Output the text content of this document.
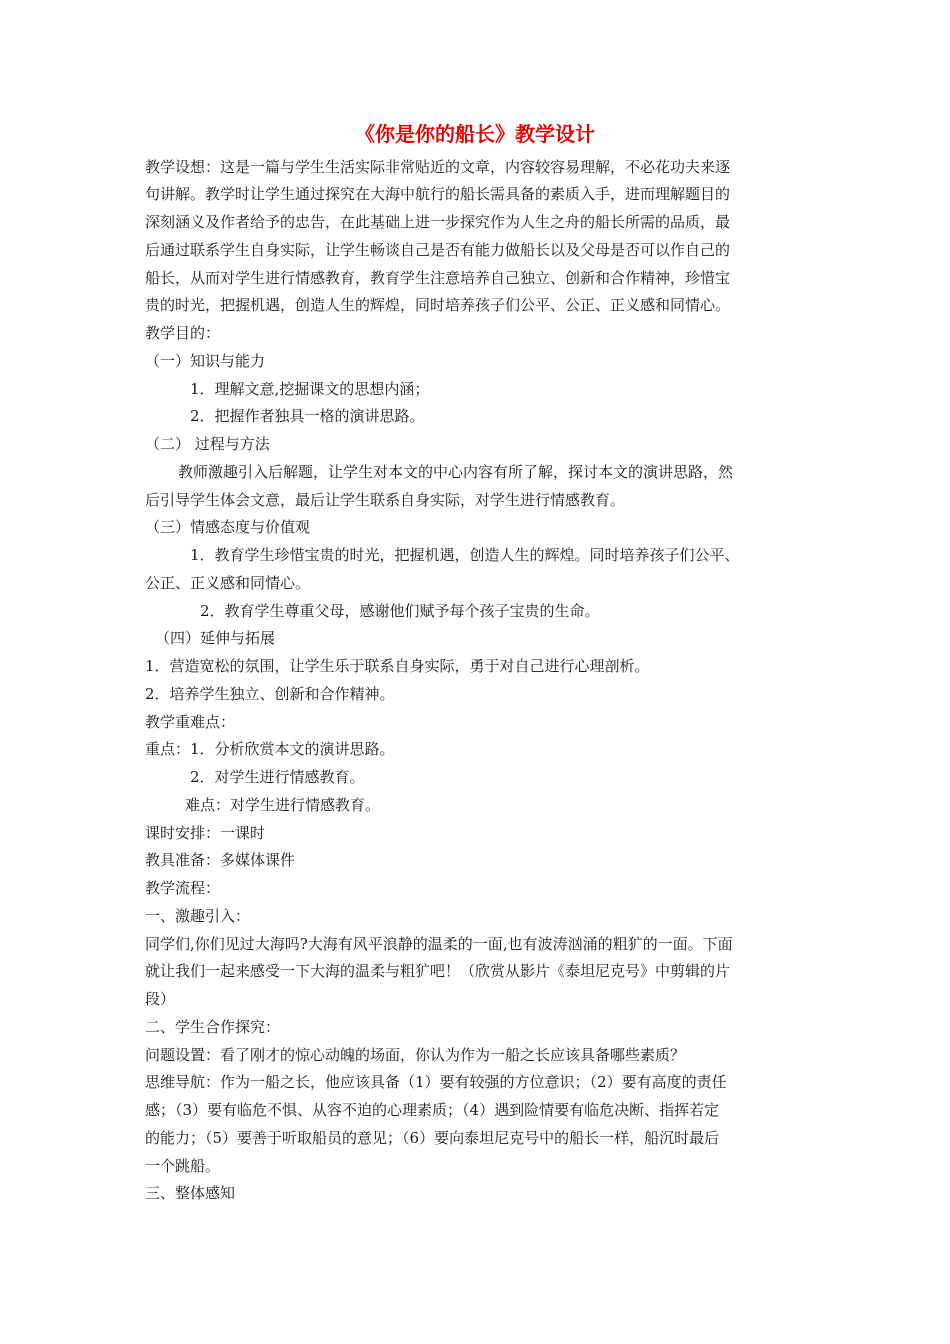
《你是你的船长》教学设计
教学设想：这是一篇与学生生活实际非常贴近的文章，内容较容易理解，不必花功夫来逐
句讲解。教学时让学生通过探究在大海中航行的船长需具备的素质入手，进而理解题目的
深刻涵义及作者给予的忠告，在此基础上进一步探究作为人生之舟的船长所需的品质，最
后通过联系学生自身实际，让学生畅谈自己是否有能力做船长以及父母是否可以作自己的
船长，从而对学生进行情感教育，教育学生注意培养自己独立、创新和合作精神，珍惜宝
贵的时光，把握机遇，创造人生的辉煌，同时培养孩子们公平、公正、正义感和同情心。
教学目的：
（一）知识与能力
1．理解文意,挖掘课文的思想内涵；
2．把握作者独具一格的演讲思路。
（二） 过程与方法
教师激趣引入后解题，让学生对本文的中心内容有所了解，探讨本文的演讲思路，然
后引导学生体会文意，最后让学生联系自身实际，对学生进行情感教育。
（三）情感态度与价值观
1．教育学生珍惜宝贵的时光，把握机遇，创造人生的辉煌。同时培养孩子们公平、
公正、正义感和同情心。
2．教育学生尊重父母，感谢他们赋予每个孩子宝贵的生命。
（四）延伸与拓展
1．营造宽松的氛围，让学生乐于联系自身实际，勇于对自己进行心理剖析。
2．培养学生独立、创新和合作精神。
教学重难点：
重点：1．分析欣赏本文的演讲思路。
2．对学生进行情感教育。
难点：对学生进行情感教育。
课时安排：一课时
教具准备：多媒体课件
教学流程：
一、激趣引入：
同学们,你们见过大海吗?大海有风平浪静的温柔的一面,也有波涛汹涌的粗犷的一面。下面
就让我们一起来感受一下大海的温柔与粗犷吧！（欣赏从影片《泰坦尼克号》中剪辑的片
段）
二、学生合作探究：
问题设置：看了刚才的惊心动魄的场面，你认为作为一船之长应该具备哪些素质？
思维导航：作为一船之长，他应该具备（1）要有较强的方位意识；（2）要有高度的责任
感；（3）要有临危不惧、从容不迫的心理素质；（4）遇到险情要有临危决断、指挥若定
的能力；（5）要善于听取船员的意见；（6）要向泰坦尼克号中的船长一样，船沉时最后
一个跳船。
三、整体感知
